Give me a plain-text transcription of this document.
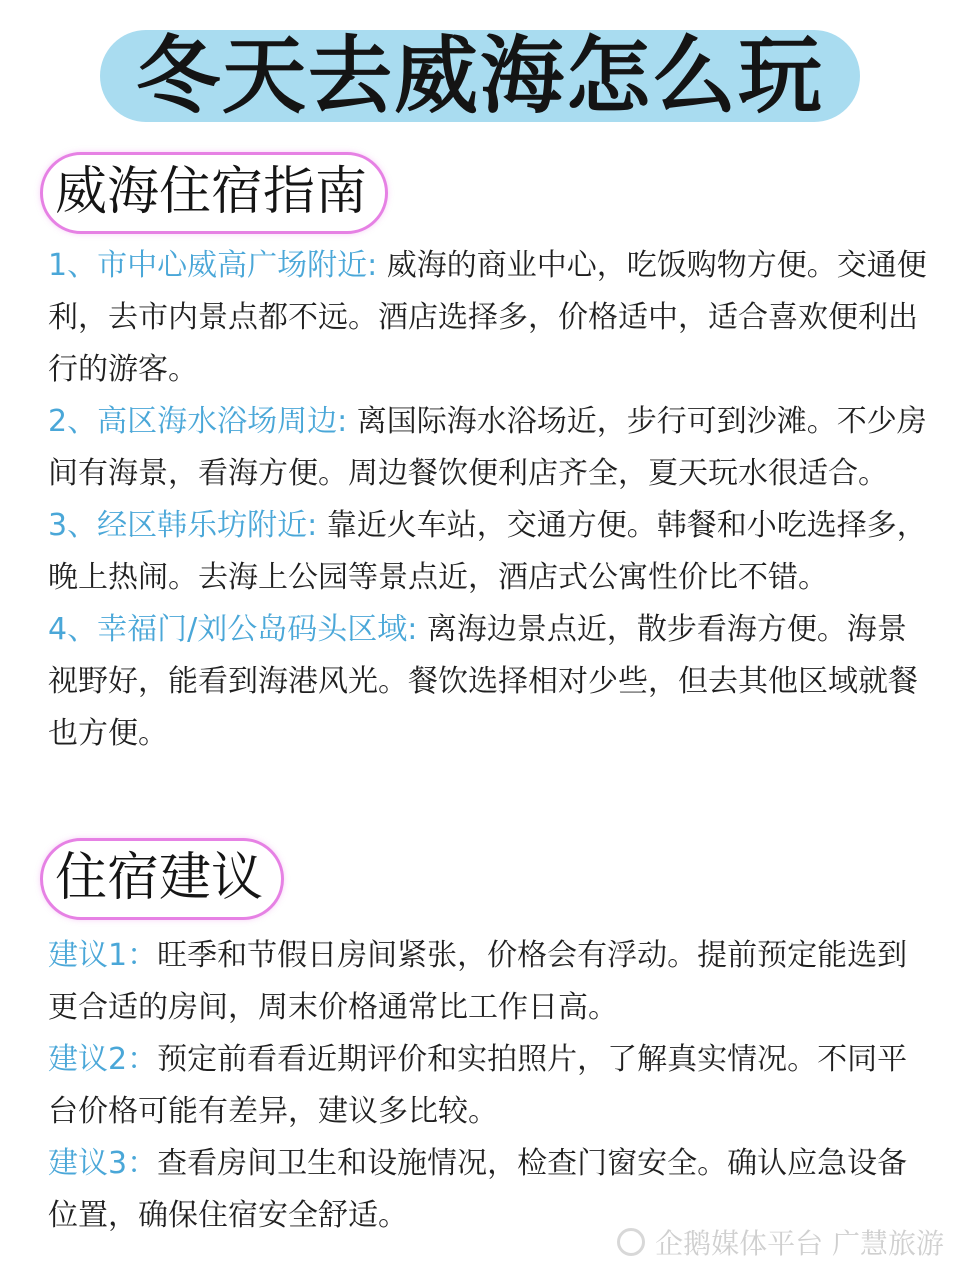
冬天去威海怎么玩
威海住宿指南

1、市中心威高广场附近: 威海的商业中心，吃饭购物方便。交通便利，去市内景点都不远。酒店选择多，价格适中，适合喜欢便利出行的游客。

2、高区海水浴场周边: 离国际海水浴场近，步行可到沙滩。不少房间有海景，看海方便。周边餐饮便利店齐全，夏天玩水很适合。

3、经区韩乐坊附近: 靠近火车站，交通方便。韩餐和小吃选择多，晚上热闹。去海上公园等景点近，酒店式公寓性价比不错。

4、幸福门/刘公岛码头区域: 离海边景点近，散步看海方便。海景视野好，能看到海港风光。餐饮选择相对少些，但去其他区域就餐也方便。

住宿建议

建议1：旺季和节假日房间紧张，价格会有浮动。提前预定能选到更合适的房间，周末价格通常比工作日高。

建议2：预定前看看近期评价和实拍照片，了解真实情况。不同平台价格可能有差异，建议多比较。

建议3：查看房间卫生和设施情况，检查门窗安全。确认应急设备位置，确保住宿安全舒适。

企鹅媒体平台 广慧旅游
